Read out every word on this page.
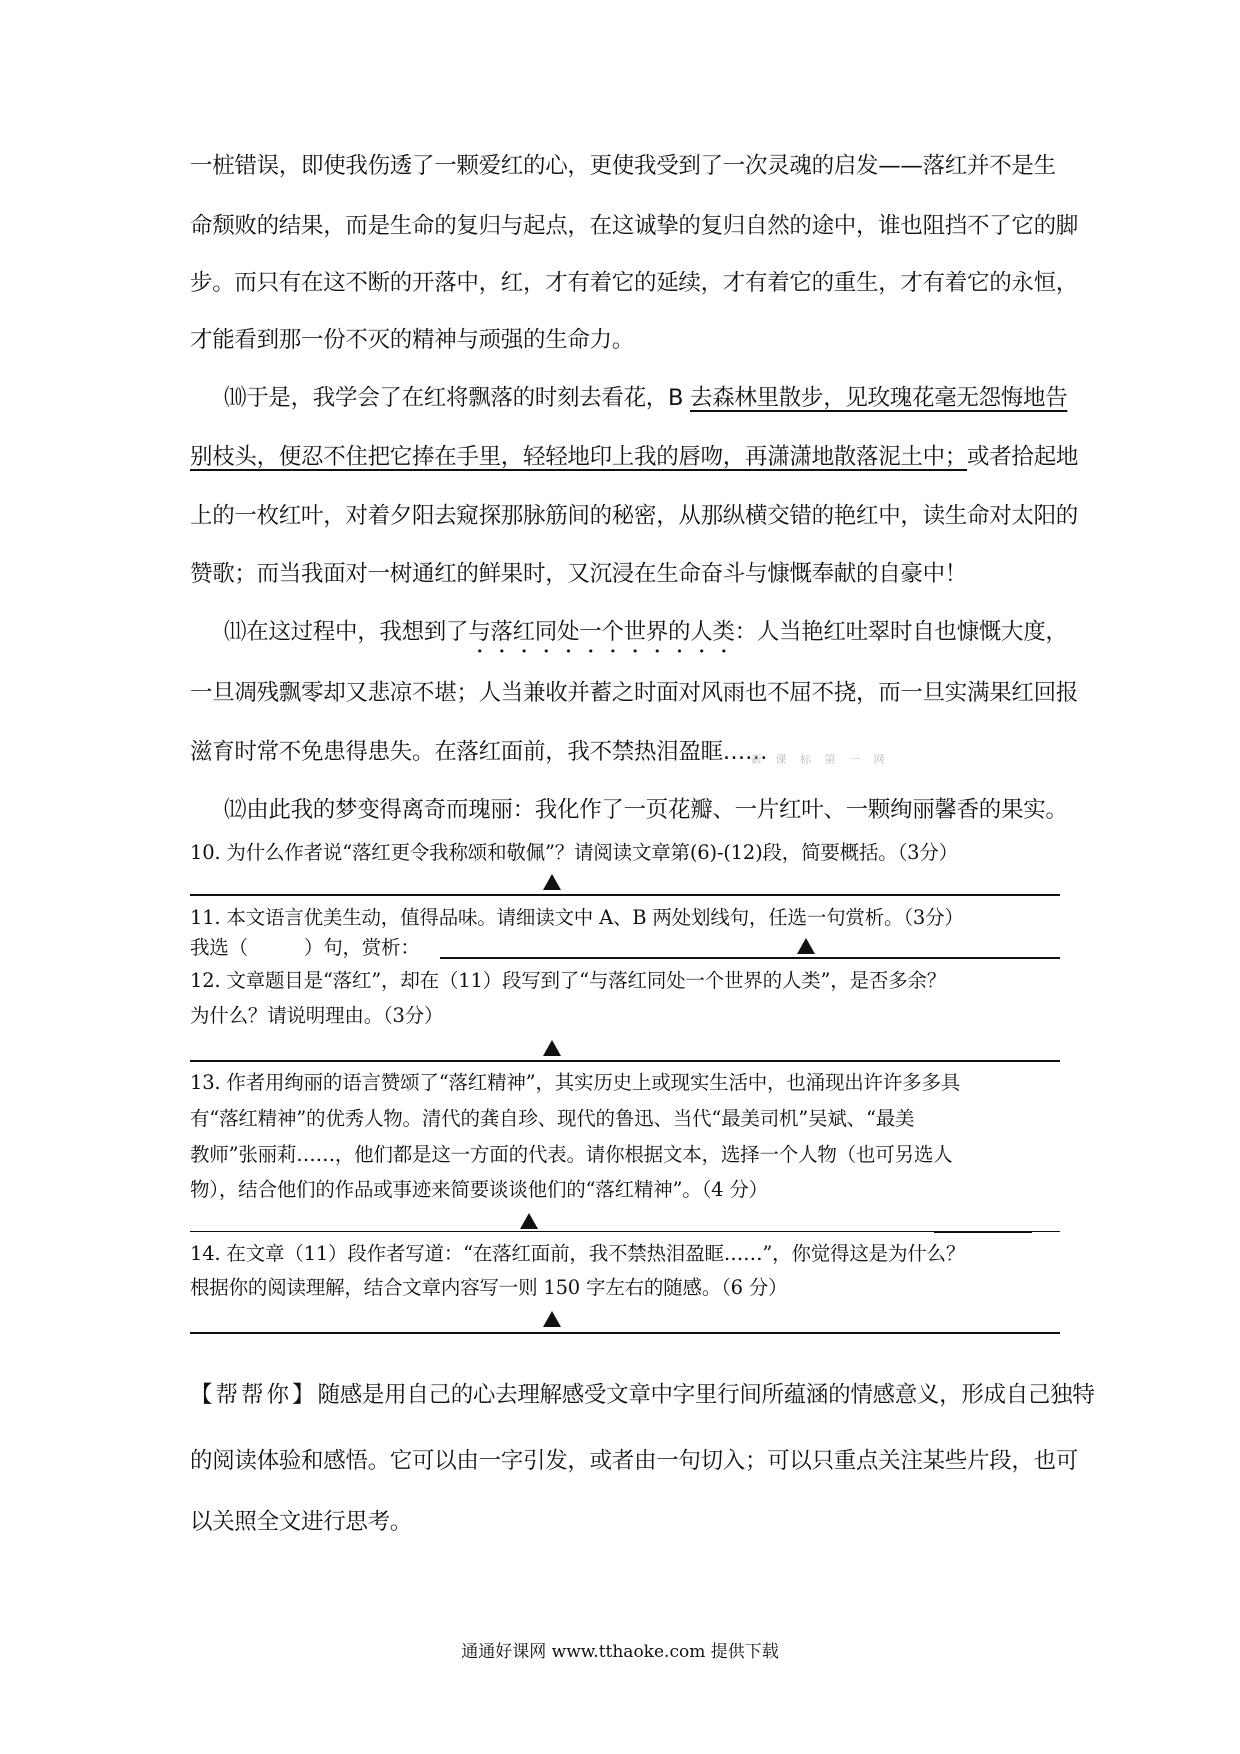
一桩错误，即使我伤透了一颗爱红的心，更使我受到了一次灵魂的启发——落红并不是生
命颓败的结果，而是生命的复归与起点，在这诚挚的复归自然的途中，谁也阻挡不了它的脚
步。而只有在这不断的开落中，红，才有着它的延续，才有着它的重生，才有着它的永恒，
才能看到那一份不灭的精神与顽强的生命力。
⑽于是，我学会了在红将飘落的时刻去看花，B 去森林里散步，见玫瑰花毫无怨悔地告
别枝头，便忍不住把它捧在手里，轻轻地印上我的唇吻，再潇潇地散落泥土中；或者拾起地
上的一枚红叶，对着夕阳去窥探那脉筋间的秘密，从那纵横交错的艳红中，读生命对太阳的
赞歌；而当我面对一树通红的鲜果时，又沉浸在生命奋斗与慷慨奉献的自豪中！
⑾在这过程中，我想到了与落红同处一个世界的人类：人当艳红吐翠时自也慷慨大度，
一旦凋残飘零却又悲凉不堪；人当兼收并蓄之时面对风雨也不屈不挠，而一旦实满果红回报
滋育时常不免患得患失。在落红面前，我不禁热泪盈眶……
新 课 标 第 一 网
⑿由此我的梦变得离奇而瑰丽：我化作了一页花瓣、一片红叶、一颗绚丽馨香的果实。
10. 为什么作者说“落红更令我称颂和敬佩”？请阅读文章第(6)-(12)段，简要概括。（3分）
11. 本文语言优美生动，值得品味。请细读文中 A、B 两处划线句，任选一句赏析。（3分）
我选（	）句，赏析：
12. 文章题目是“落红”，却在（11）段写到了“与落红同处一个世界的人类”，是否多余？
为什么？请说明理由。（3分）
13. 作者用绚丽的语言赞颂了“落红精神”，其实历史上或现实生活中，也涌现出许许多多具
有“落红精神”的优秀人物。清代的龚自珍、现代的鲁迅、当代“最美司机”吴斌、“最美
教师”张丽莉……，他们都是这一方面的代表。请你根据文本，选择一个人物（也可另选人
物），结合他们的作品或事迹来简要谈谈他们的“落红精神”。（4 分）
14. 在文章（11）段作者写道：“在落红面前，我不禁热泪盈眶……”，你觉得这是为什么？
根据你的阅读理解，结合文章内容写一则 150 字左右的随感。（6 分）
【帮帮你】随感是用自己的心去理解感受文章中字里行间所蕴涵的情感意义，形成自己独特
的阅读体验和感悟。它可以由一字引发，或者由一句切入；可以只重点关注某些片段，也可
以关照全文进行思考。
通通好课网 www.tthaoke.com 提供下载
